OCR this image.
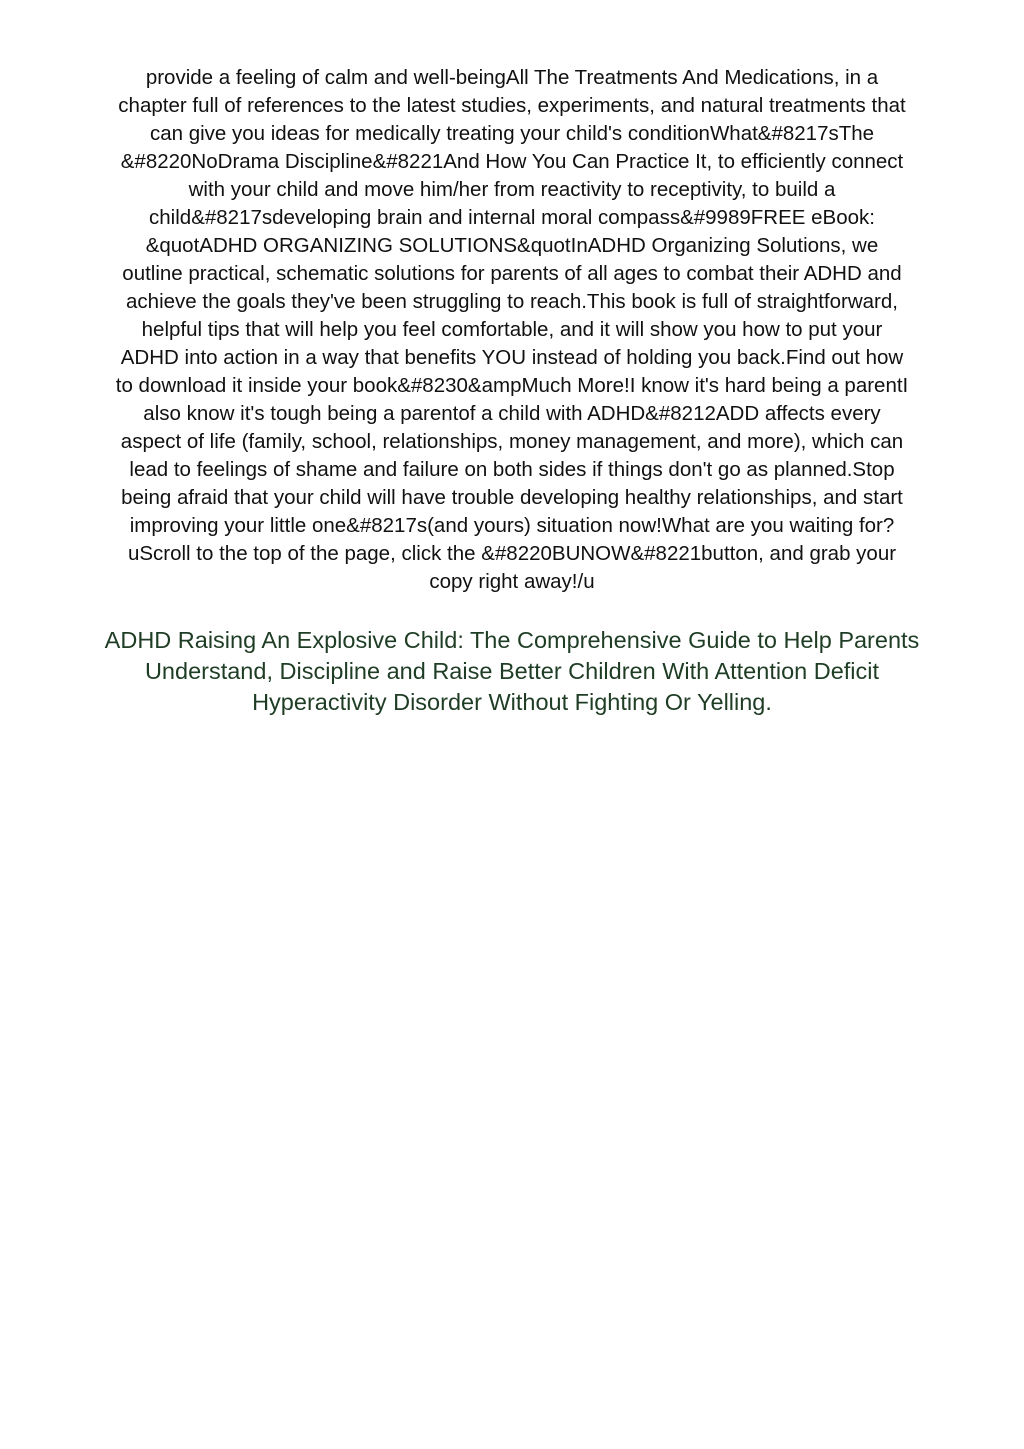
provide a feeling of calm and well-beingAll The Treatments And Medications, in a
chapter full of references to the latest studies, experiments, and natural treatments that
can give you ideas for medically treating your child's conditionWhat&#8217sThe
&#8220NoDrama Discipline&#8221And How You Can Practice It, to efficiently connect
with your child and move him/her from reactivity to receptivity, to build a
child&#8217sdeveloping brain and internal moral compass&#9989FREE eBook:
&quotADHD ORGANIZING SOLUTIONS&quotInADHD Organizing Solutions, we
outline practical, schematic solutions for parents of all ages to combat their ADHD and
achieve the goals they've been struggling to reach.This book is full of straightforward,
helpful tips that will help you feel comfortable, and it will show you how to put your
ADHD into action in a way that benefits YOU instead of holding you back.Find out how
to download it inside your book&#8230&ampMuch More!I know it's hard being a parentI
also know it's tough being a parentof a child with ADHD&#8212ADD affects every
aspect of life (family, school, relationships, money management, and more), which can
lead to feelings of shame and failure on both sides if things don't go as planned.Stop
being afraid that your child will have trouble developing healthy relationships, and start
improving your little one&#8217s(and yours) situation now!What are you waiting for?
uScroll to the top of the page, click the &#8220BUNOW&#8221button, and grab your
copy right away!/u

ADHD Raising An Explosive Child: The Comprehensive Guide to Help Parents
Understand, Discipline and Raise Better Children With Attention Deficit
Hyperactivity Disorder Without Fighting Or Yelling.
